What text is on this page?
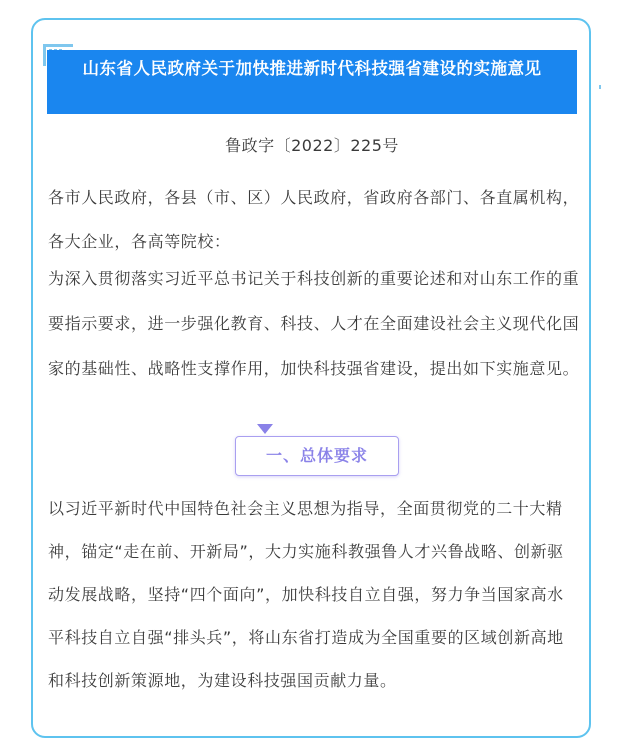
山东省人民政府关于加快推进新时代科技强省建设的实施意见
鲁政字〔2022〕225号

各市人民政府，各县（市、区）人民政府，省政府各部门、各直属机构，各大企业，各高等院校：

为深入贯彻落实习近平总书记关于科技创新的重要论述和对山东工作的重要指示要求，进一步强化教育、科技、人才在全面建设社会主义现代化国家的基础性、战略性支撑作用，加快科技强省建设，提出如下实施意见。

一、总体要求

以习近平新时代中国特色社会主义思想为指导，全面贯彻党的二十大精神，锚定“走在前、开新局”，大力实施科教强鲁人才兴鲁战略、创新驱动发展战略，坚持“四个面向”，加快科技自立自强，努力争当国家高水平科技自立自强“排头兵”，将山东省打造成为全国重要的区域创新高地和科技创新策源地，为建设科技强国贡献力量。
